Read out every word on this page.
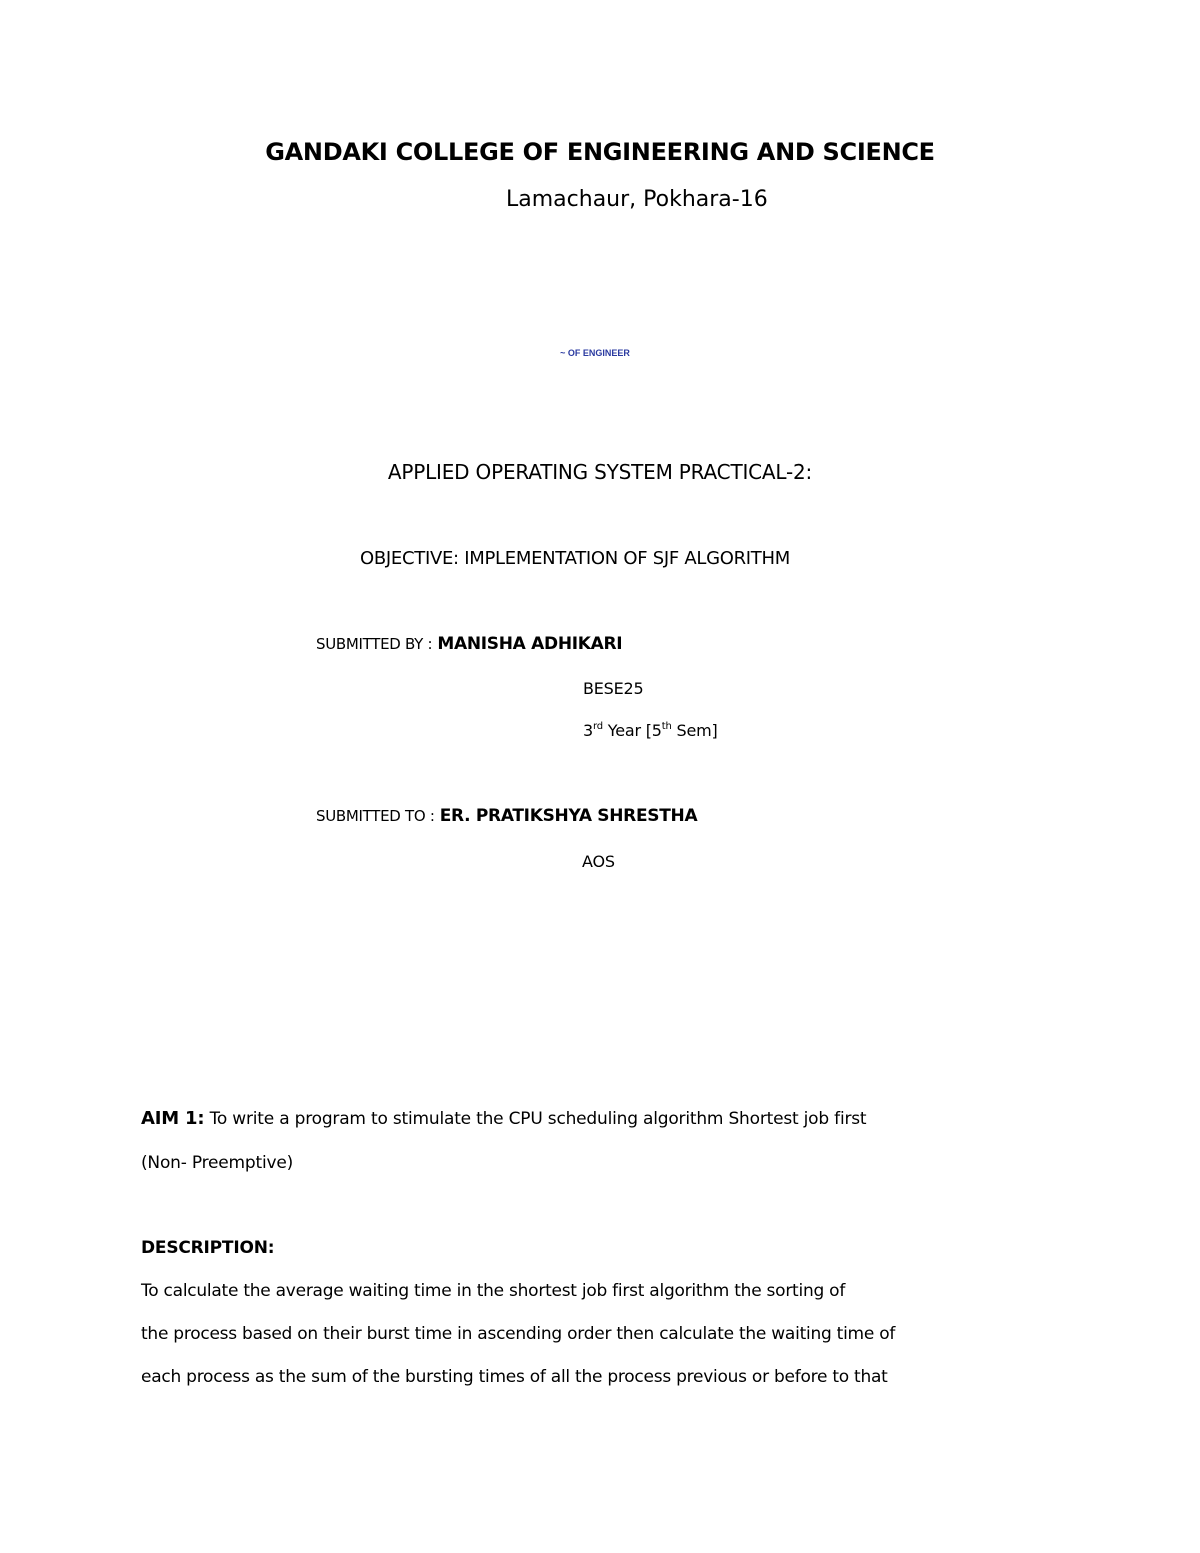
GANDAKI COLLEGE OF ENGINEERING AND SCIENCE
Lamachaur, Pokhara-16
~ OF ENGINEER
APPLIED OPERATING SYSTEM PRACTICAL-2:
OBJECTIVE: IMPLEMENTATION OF SJF ALGORITHM
SUBMITTED BY : MANISHA ADHIKARI
BESE25
3rd Year [5th Sem]
SUBMITTED TO : ER. PRATIKSHYA SHRESTHA
AOS
AIM 1: To write a program to stimulate the CPU scheduling algorithm Shortest job first
(Non- Preemptive)
DESCRIPTION:
To calculate the average waiting time in the shortest job first algorithm the sorting of
the process based on their burst time in ascending order then calculate the waiting time of
each process as the sum of the bursting times of all the process previous or before to that
